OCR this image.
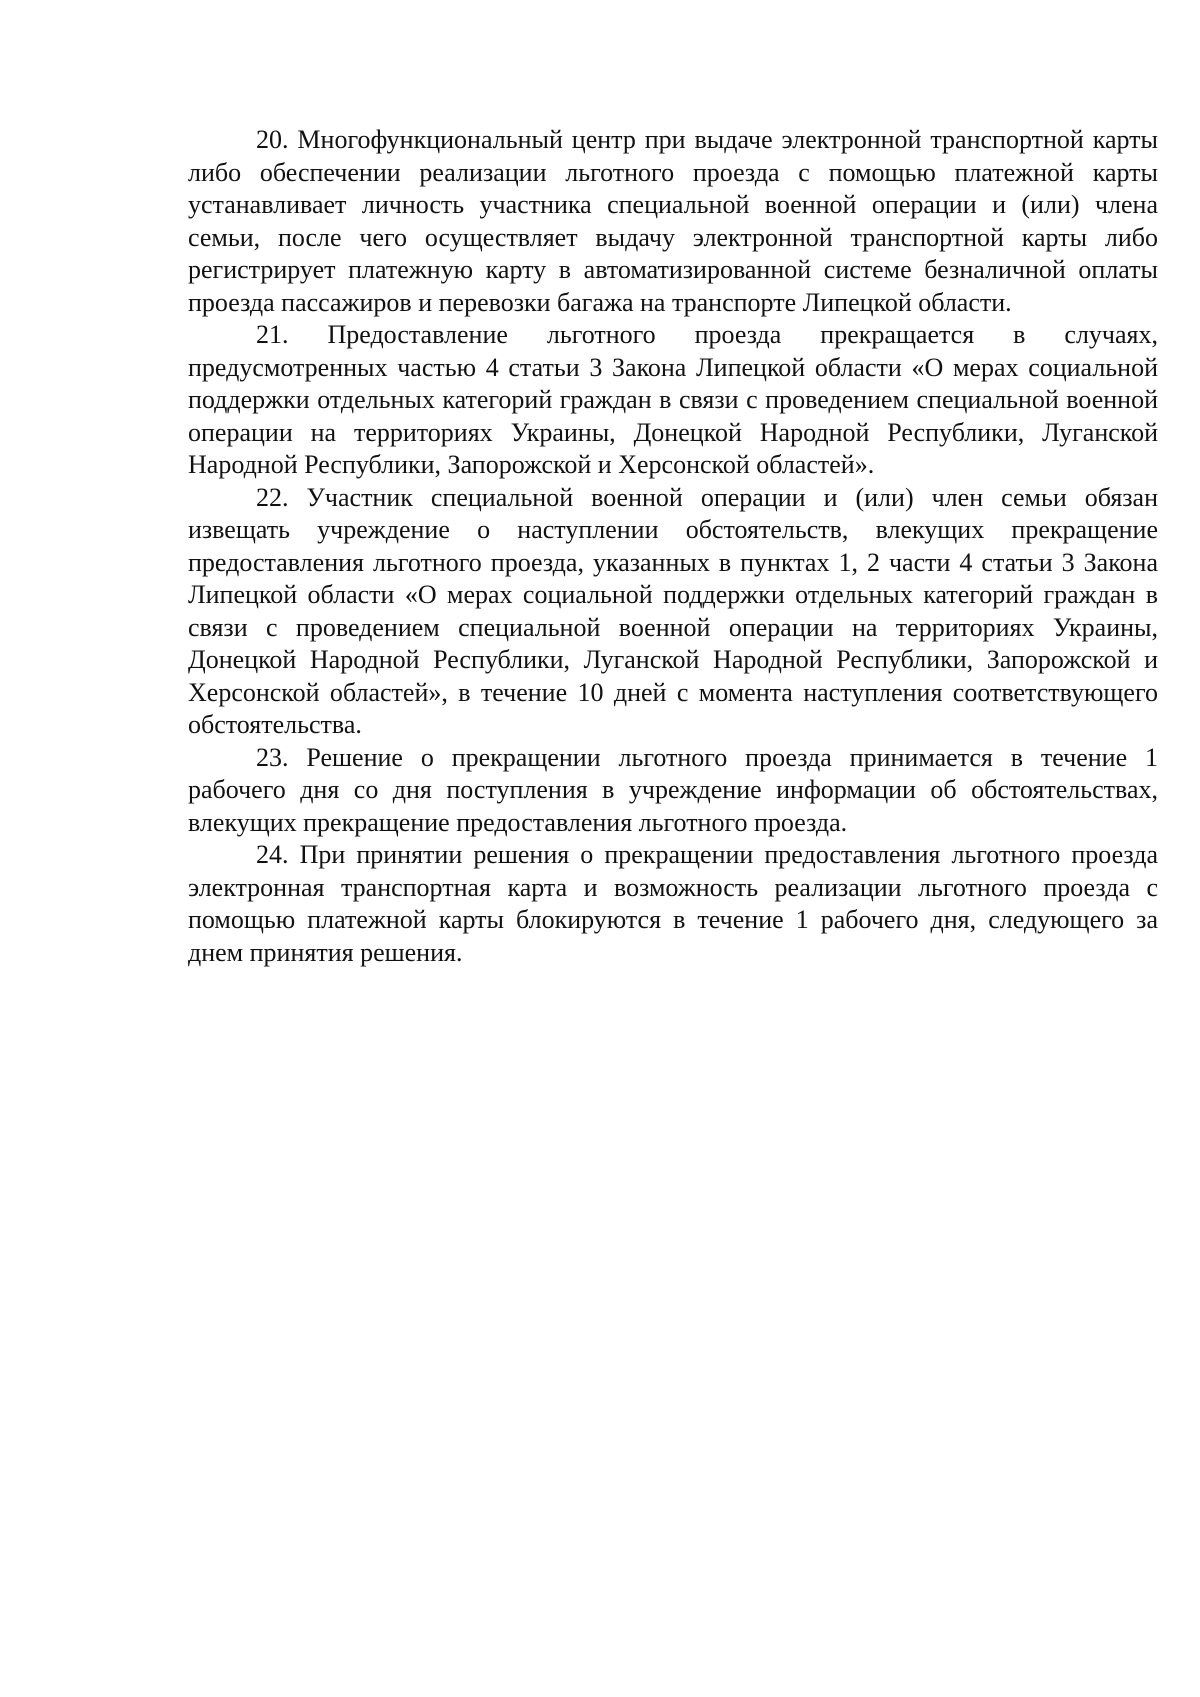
20. Многофункциональный центр при выдаче электронной транспортной карты либо обеспечении реализации льготного проезда с помощью платежной карты устанавливает личность участника специальной военной операции и (или) члена семьи, после чего осуществляет выдачу электронной транспортной карты либо регистрирует платежную карту в автоматизированной системе безналичной оплаты проезда пассажиров и перевозки багажа на транспорте Липецкой области.

21. Предоставление льготного проезда прекращается в случаях, предусмотренных частью 4 статьи 3 Закона Липецкой области «О мерах социальной поддержки отдельных категорий граждан в связи с проведением специальной военной операции на территориях Украины, Донецкой Народной Республики, Луганской Народной Республики, Запорожской и Херсонской областей».

22. Участник специальной военной операции и (или) член семьи обязан извещать учреждение о наступлении обстоятельств, влекущих прекращение предоставления льготного проезда, указанных в пунктах 1, 2 части 4 статьи 3 Закона Липецкой области «О мерах социальной поддержки отдельных категорий граждан в связи с проведением специальной военной операции на территориях Украины, Донецкой Народной Республики, Луганской Народной Республики, Запорожской и Херсонской областей», в течение 10 дней с момента наступления соответствующего обстоятельства.

23. Решение о прекращении льготного проезда принимается в течение 1 рабочего дня со дня поступления в учреждение информации об обстоятельствах, влекущих прекращение предоставления льготного проезда.

24. При принятии решения о прекращении предоставления льготного проезда электронная транспортная карта и возможность реализации льготного проезда с помощью платежной карты блокируются в течение 1 рабочего дня, следующего за днем принятия решения.
